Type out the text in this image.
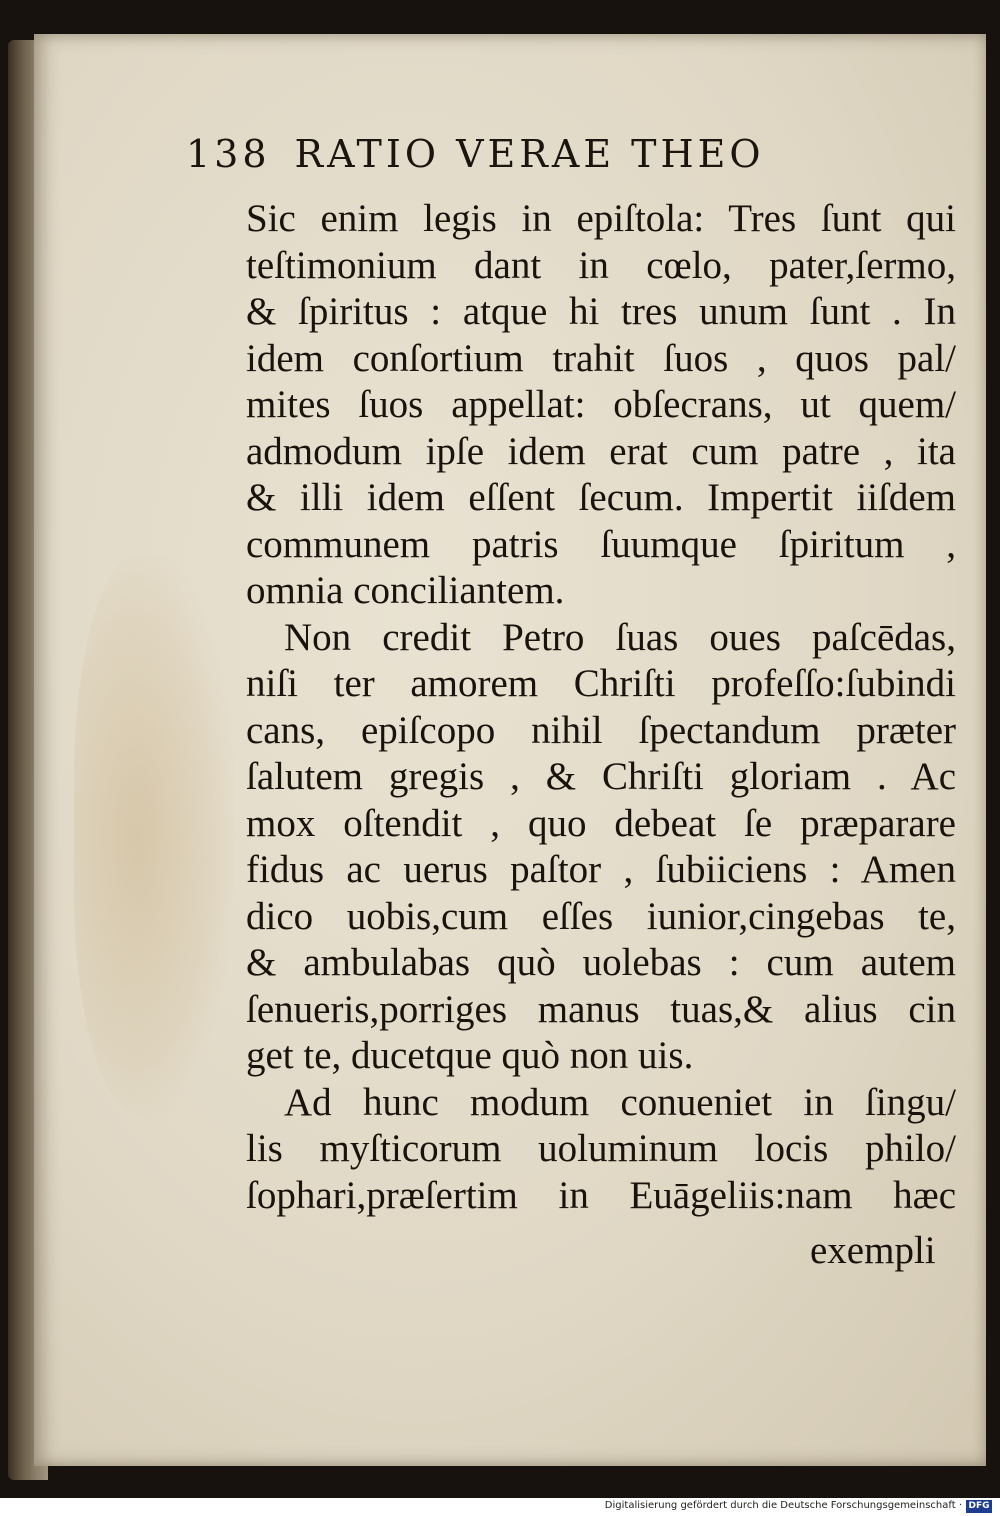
138 RATIO VERAE THEO
Sic enim legis in epiſtola: Tres ſunt qui
teſtimonium dant in cœlo, pater,ſermo,
& ſpiritus : atque hi tres unum ſunt . In
idem conſortium trahit ſuos , quos pal/
mites ſuos appellat: obſecrans, ut quem/
admodum ipſe idem erat cum patre , ita
& illi idem eſſent ſecum. Impertit iiſdem
communem patris ſuumque ſpiritum ,
omnia conciliantem.
Non credit Petro ſuas oues paſcēdas,
niſi ter amorem Chriſti profeſſo:ſubindi
cans, epiſcopo nihil ſpectandum præter
ſalutem gregis , & Chriſti gloriam . Ac
mox oſtendit , quo debeat ſe præparare
fidus ac uerus paſtor , ſubiiciens : Amen
dico uobis,cum eſſes iunior,cingebas te,
& ambulabas quò uolebas : cum autem
ſenueris,porriges manus tuas,& alius cin
get te, ducetque quò non uis.
Ad hunc modum conueniet in ſingu/
lis myſticorum uoluminum locis philo/
ſophari,præſertim in Euāgeliis:nam hæc
exempli
Digitalisierung gefördert durch die Deutsche Forschungsgemeinschaft · DFG
